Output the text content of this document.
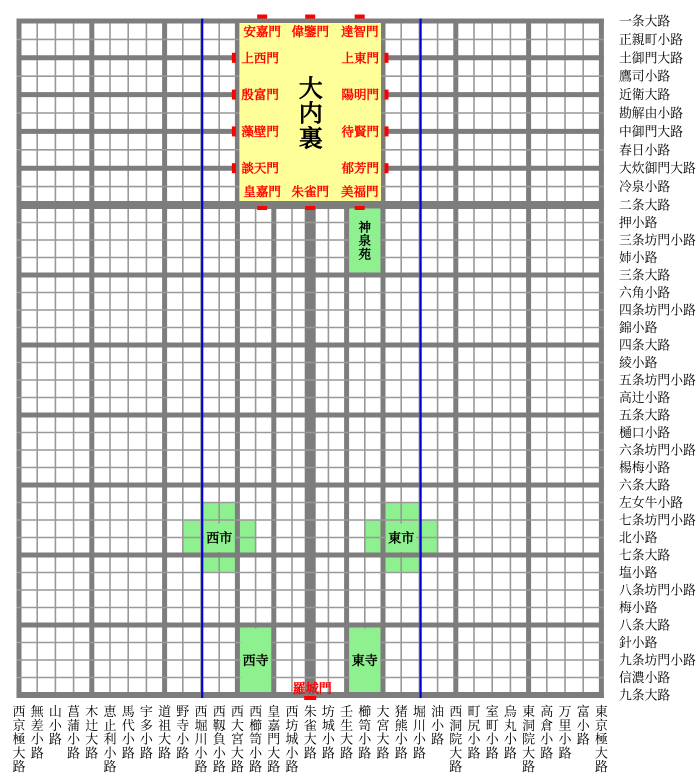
神
泉
苑
西市	東市
西寺	東寺
大
内
裏
安嘉門 偉鑒門 達智門
皇嘉門 朱雀門 美福門
上西門
殷富門
藻壁門
談天門
上東門
陽明門
待賢門
郁芳門
羅城門
一条大路
正親町小路
土御門大路
鷹司小路
近衛大路
勘解由小路
中御門大路
春日小路
大炊御門大路
冷泉小路
二条大路
押小路
三条坊門小路
姉小路
三条大路
六角小路
四条坊門小路
錦小路
四条大路
綾小路
五条坊門小路
高辻小路
五条大路
樋口小路
六条坊門小路
楊梅小路
六条大路
左女牛小路
七条坊門小路
北小路
七条大路
塩小路
八条坊門小路
梅小路
八条大路
針小路
九条坊門小路
信濃小路
九条大路
西
京
極
大
路
無
差
小
路
山
小
路
菖
蒲
小
路
木
辻
大
路
恵
止
利
小
路
馬
代
小
路
宇
多
小
路
道
祖
大
路
野
寺
小
路
西
堀
川
小
路
西
靱
負
小
路
西
大
宮
大
路
西
櫛
笥
小
路
皇
嘉
門
大
路
西
坊
城
小
路
朱
雀
大
路
坊
城
小
路
壬
生
大
路
櫛
笥
小
路
大
宮
大
路
猪
熊
小
路
堀
川
小
路
油
小
路
西
洞
院
大
路
町
尻
小
路
室
町
小
路
烏
丸
小
路
東
洞
院
大
路
高
倉
小
路
万
里
小
路
富
小
路
東
京
極
大
路
